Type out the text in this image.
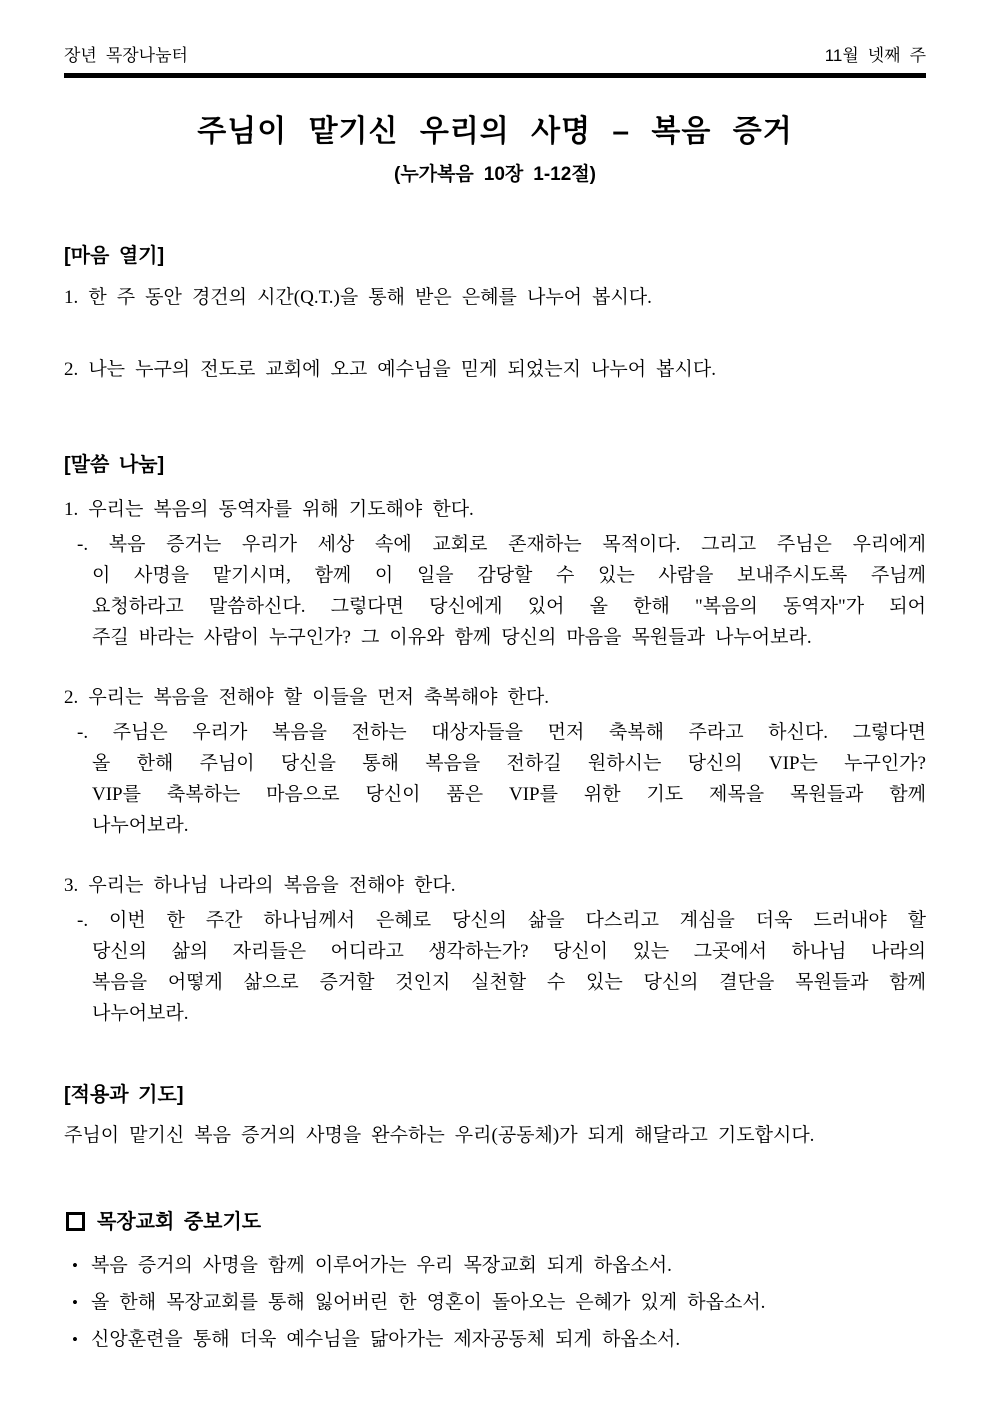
장년 목장나눔터	11월 넷째 주
주님이 맡기신 우리의 사명 – 복음 증거
(누가복음 10장 1-12절)
[마음 열기]
1. 한 주 동안 경건의 시간(Q.T.)을 통해 받은 은혜를 나누어 봅시다.
2. 나는 누구의 전도로 교회에 오고 예수님을 믿게 되었는지 나누어 봅시다.
[말씀 나눔]
1. 우리는 복음의 동역자를 위해 기도해야 한다.
-. 복음 증거는 우리가 세상 속에 교회로 존재하는 목적이다. 그리고 주님은 우리에게
이 사명을 맡기시며, 함께 이 일을 감당할 수 있는 사람을 보내주시도록 주님께
요청하라고 말씀하신다. 그렇다면 당신에게 있어 올 한해 "복음의 동역자"가 되어
주길 바라는 사람이 누구인가? 그 이유와 함께 당신의 마음을 목원들과 나누어보라.
2. 우리는 복음을 전해야 할 이들을 먼저 축복해야 한다.
-. 주님은 우리가 복음을 전하는 대상자들을 먼저 축복해 주라고 하신다. 그렇다면
올 한해 주님이 당신을 통해 복음을 전하길 원하시는 당신의 VIP는 누구인가?
VIP를 축복하는 마음으로 당신이 품은 VIP를 위한 기도 제목을 목원들과 함께
나누어보라.
3. 우리는 하나님 나라의 복음을 전해야 한다.
-. 이번 한 주간 하나님께서 은혜로 당신의 삶을 다스리고 계심을 더욱 드러내야 할
당신의 삶의 자리들은 어디라고 생각하는가? 당신이 있는 그곳에서 하나님 나라의
복음을 어떻게 삶으로 증거할 것인지 실천할 수 있는 당신의 결단을 목원들과 함께
나누어보라.
[적용과 기도]
주님이 맡기신 복음 증거의 사명을 완수하는 우리(공동체)가 되게 해달라고 기도합시다.
목장교회 중보기도
• 복음 증거의 사명을 함께 이루어가는 우리 목장교회 되게 하옵소서.
• 올 한해 목장교회를 통해 잃어버린 한 영혼이 돌아오는 은혜가 있게 하옵소서.
• 신앙훈련을 통해 더욱 예수님을 닮아가는 제자공동체 되게 하옵소서.
